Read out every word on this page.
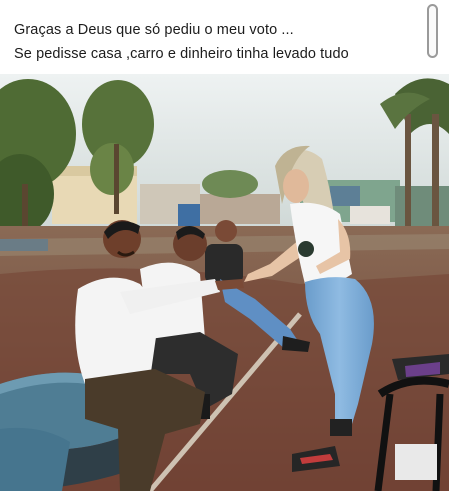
Graças a Deus que só pediu o meu voto ...
Se pedisse casa ,carro e dinheiro tinha levado tudo
